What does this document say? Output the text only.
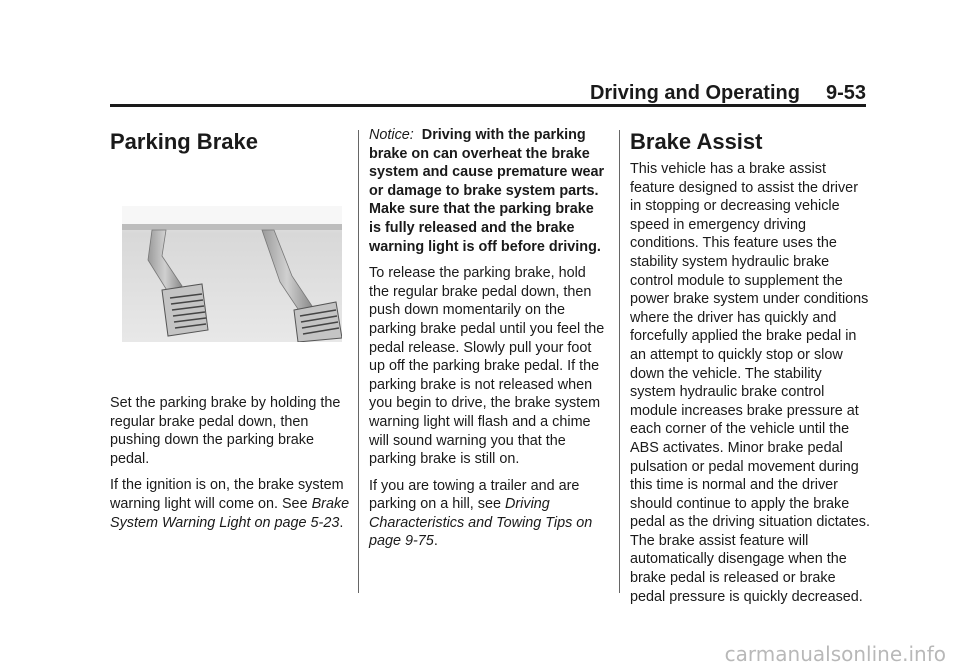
Driving and Operating 9-53
Parking Brake

Set the parking brake by holding the regular brake pedal down, then pushing down the parking brake pedal.

If the ignition is on, the brake system warning light will come on. See Brake System Warning Light on page 5-23.

Notice: Driving with the parking brake on can overheat the brake system and cause premature wear or damage to brake system parts. Make sure that the parking brake is fully released and the brake warning light is off before driving.

To release the parking brake, hold the regular brake pedal down, then push down momentarily on the parking brake pedal until you feel the pedal release. Slowly pull your foot up off the parking brake pedal. If the parking brake is not released when you begin to drive, the brake system warning light will flash and a chime will sound warning you that the parking brake is still on.

If you are towing a trailer and are parking on a hill, see Driving Characteristics and Towing Tips on page 9-75.

Brake Assist

This vehicle has a brake assist feature designed to assist the driver in stopping or decreasing vehicle speed in emergency driving conditions. This feature uses the stability system hydraulic brake control module to supplement the power brake system under conditions where the driver has quickly and forcefully applied the brake pedal in an attempt to quickly stop or slow down the vehicle. The stability system hydraulic brake control module increases brake pressure at each corner of the vehicle until the ABS activates. Minor brake pedal pulsation or pedal movement during this time is normal and the driver should continue to apply the brake pedal as the driving situation dictates. The brake assist feature will automatically disengage when the brake pedal is released or brake pedal pressure is quickly decreased.

carmanualsonline.info
